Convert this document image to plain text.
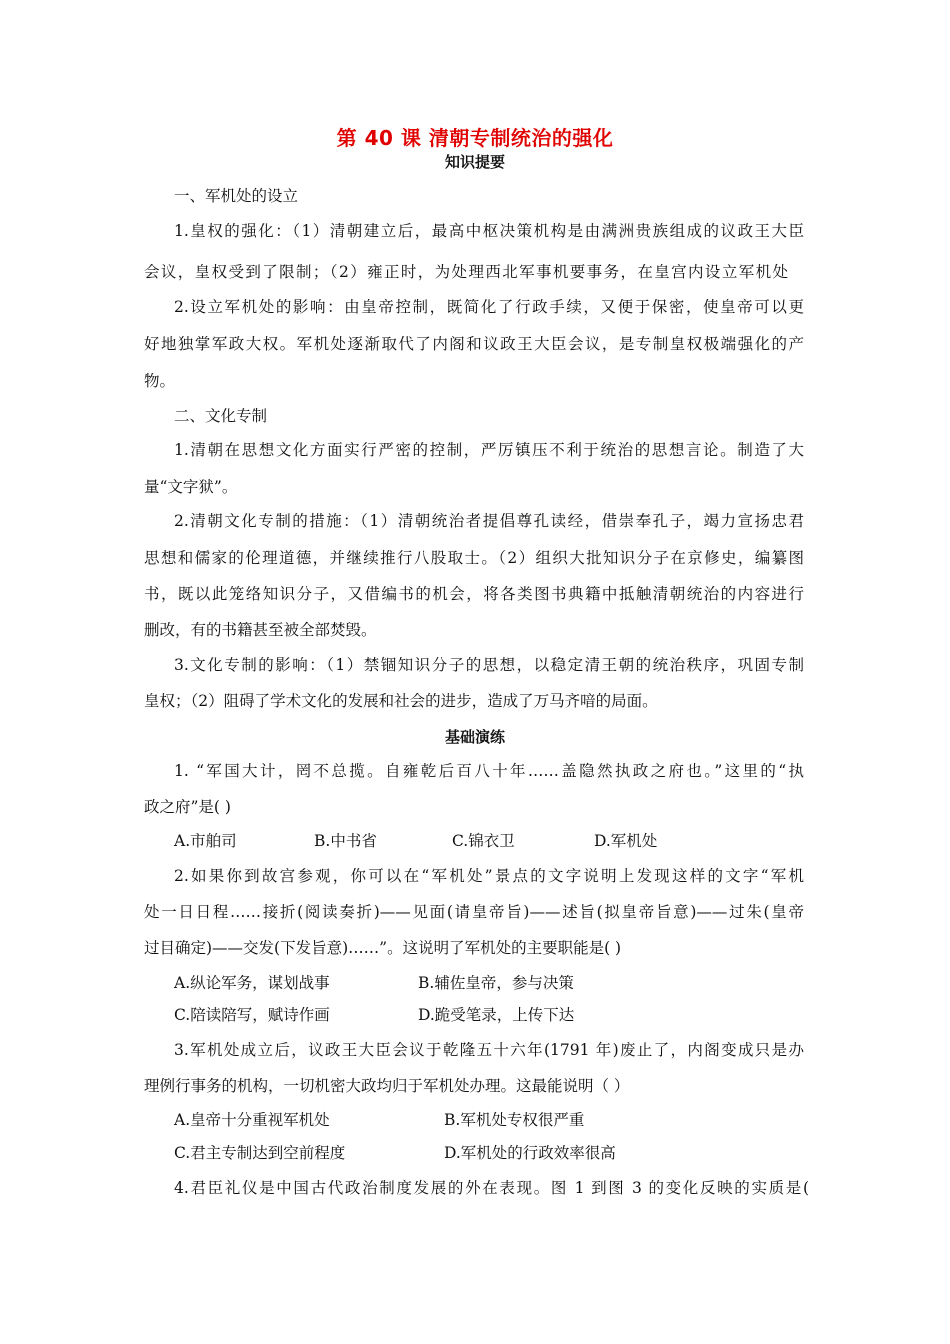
第 40 课 清朝专制统治的强化
知识提要
一、军机处的设立
1.皇权的强化：（1）清朝建立后，最高中枢决策机构是由满洲贵族组成的议政王大臣
会议，皇权受到了限制；（2）雍正时，为处理西北军事机要事务，在皇宫内设立军机处
2.设立军机处的影响：由皇帝控制，既简化了行政手续，又便于保密，使皇帝可以更
好地独掌军政大权。军机处逐渐取代了内阁和议政王大臣会议，是专制皇权极端强化的产
物。
二、文化专制
1.清朝在思想文化方面实行严密的控制，严厉镇压不利于统治的思想言论。制造了大
量“文字狱”。
2.清朝文化专制的措施：（1）清朝统治者提倡尊孔读经，借崇奉孔子，竭力宣扬忠君
思想和儒家的伦理道德，并继续推行八股取士。（2）组织大批知识分子在京修史，编纂图
书，既以此笼络知识分子，又借编书的机会，将各类图书典籍中抵触清朝统治的内容进行
删改，有的书籍甚至被全部焚毁。
3.文化专制的影响：（1）禁锢知识分子的思想，以稳定清王朝的统治秩序，巩固专制
皇权；（2）阻碍了学术文化的发展和社会的进步，造成了万马齐喑的局面。
基础演练
1. “军国大计，罔不总揽。自雍乾后百八十年……盖隐然执政之府也。”这里的“执
政之府”是( )
A.市舶司	B.中书省	C.锦衣卫	D.军机处
2.如果你到故宫参观，你可以在“军机处”景点的文字说明上发现这样的文字“军机
处一日日程……接折(阅读奏折)——见面(请皇帝旨)——述旨(拟皇帝旨意)——过朱(皇帝
过目确定)——交发(下发旨意)……”。这说明了军机处的主要职能是( )
A.纵论军务，谋划战事	B.辅佐皇帝，参与决策
C.陪读陪写，赋诗作画	D.跪受笔录，上传下达
3.军机处成立后，议政王大臣会议于乾隆五十六年(1791 年)废止了，内阁变成只是办
理例行事务的机构，一切机密大政均归于军机处办理。这最能说明（ ）
A.皇帝十分重视军机处	B.军机处专权很严重
C.君主专制达到空前程度	D.军机处的行政效率很高
4.君臣礼仪是中国古代政治制度发展的外在表现。图 1 到图 3 的变化反映的实质是(
